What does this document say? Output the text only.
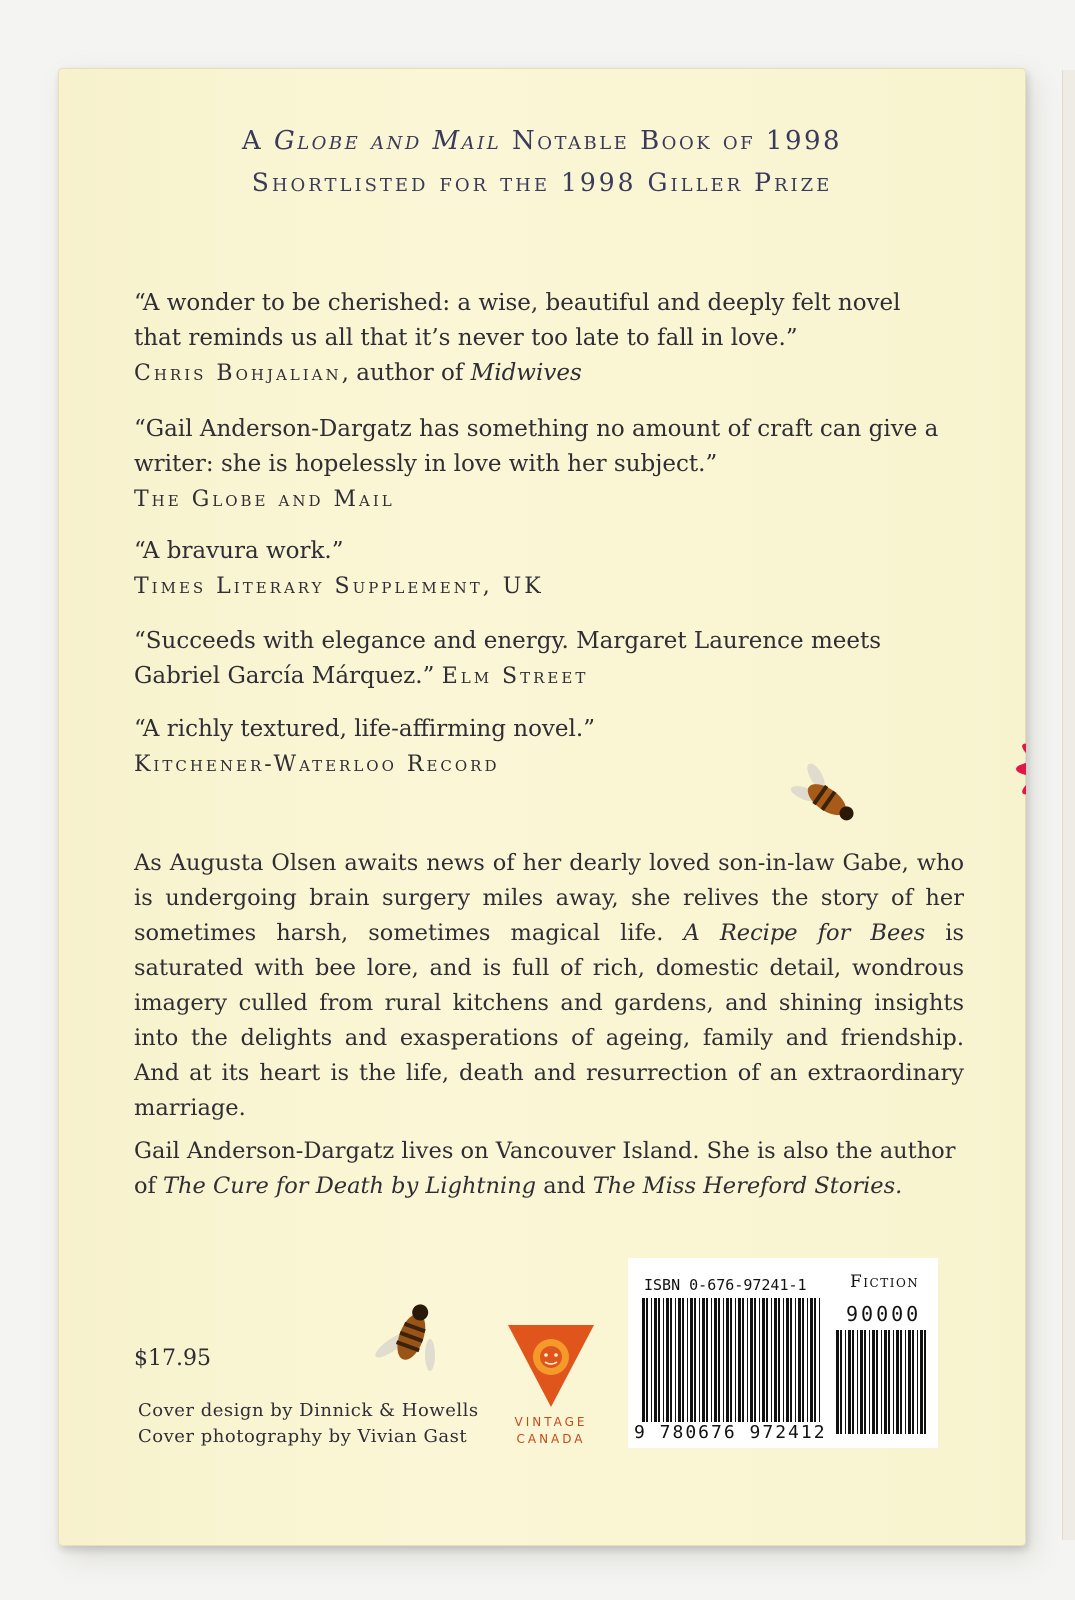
A Globe and Mail Notable Book of 1998

Shortlisted for the 1998 Giller Prize

“A wonder to be cherished: a wise, beautiful and deeply felt novel that reminds us all that it’s never too late to fall in love.”
Chris Bohjalian, author of Midwives

“Gail Anderson-Dargatz has something no amount of craft can give a writer: she is hopelessly in love with her subject.”
The Globe and Mail

“A bravura work.”
Times Literary Supplement, UK

“Succeeds with elegance and energy. Margaret Laurence meets Gabriel García Márquez.” Elm Street

“A richly textured, life-affirming novel.”
Kitchener-Waterloo Record

As Augusta Olsen awaits news of her dearly loved son-in-law Gabe, who is undergoing brain surgery miles away, she relives the story of her sometimes harsh, sometimes magical life. A Recipe for Bees is saturated with bee lore, and is full of rich, domestic detail, wondrous imagery culled from rural kitchens and gardens, and shining insights into the delights and exasperations of ageing, family and friendship. And at its heart is the life, death and resurrection of an extraordinary marriage.

Gail Anderson-Dargatz lives on Vancouver Island. She is also the author of The Cure for Death by Lightning and The Miss Hereford Stories.

$17.95

Cover design by Dinnick & Howells
Cover photography by Vivian Gast

VINTAGE
CANADA

ISBN 0-676-97241-1	Fiction

90000

9 780676 972412
